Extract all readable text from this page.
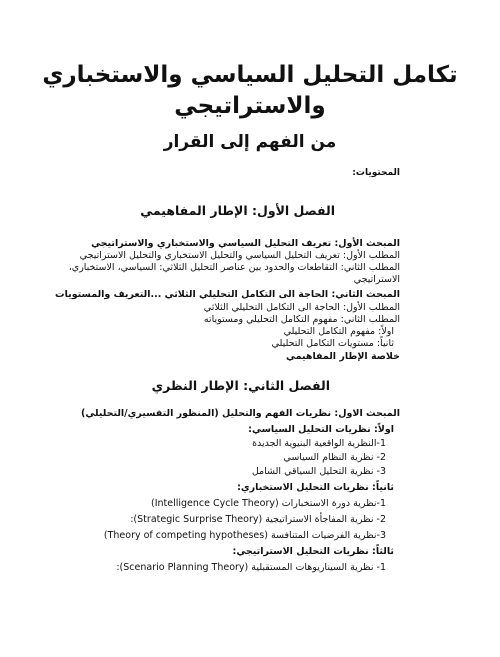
تكامل التحليل السياسي والاستخباري
والاستراتيجي
من الفهم إلى القرار
المحتويات:
الفصل الأول: الإطار المفاهيمي
المبحث الأول: تعريف التحليل السياسي والاستخباري والاستراتيجي
المطلب الأول: تعريف التحليل السياسي والتحليل الاستخباري والتحليل الاستراتيجي
المطلب الثاني: التقاطعات والحدود بين عناصر التحليل الثلاثي: السياسي، الاستخباري،
الاستراتيجي
المبحث الثاني: الحاجة الى التكامل التحليلي الثلاثي ...التعريف والمستويات
المطلب الأول: الحاجة الى التكامل التحليلي الثلاثي
المطلب الثاني: مفهوم التكامل التحليلي ومستوياته
اولاً: مفهوم التكامل التحليلي
ثانياً: مستويات التكامل التحليلي
خلاصة الإطار المفاهيمي
الفصل الثاني: الإطار النظري
المبحث الاول: نظريات الفهم والتحليل (المنظور التفسيري/التحليلي)
اولاً: نظريات التحليل السياسي:
1-النظرية الواقعية البنيوية الجديدة
2- نظرية النظام السياسي
3- نظرية التحليل السياقي الشامل
ثانياً: نظريات التحليل الاستخباري:
1-نظرية دورة الاستخبارات (Intelligence Cycle Theory)
2- نظرية المفاجأة الاستراتيجية (Strategic Surprise Theory):
3-نظرية الفرضيات المتنافسة (Theory of competing hypotheses)
ثالثاً: نظريات التحليل الاستراتيجي:
1- نظرية السيناريوهات المستقبلية (Scenario Planning Theory):
